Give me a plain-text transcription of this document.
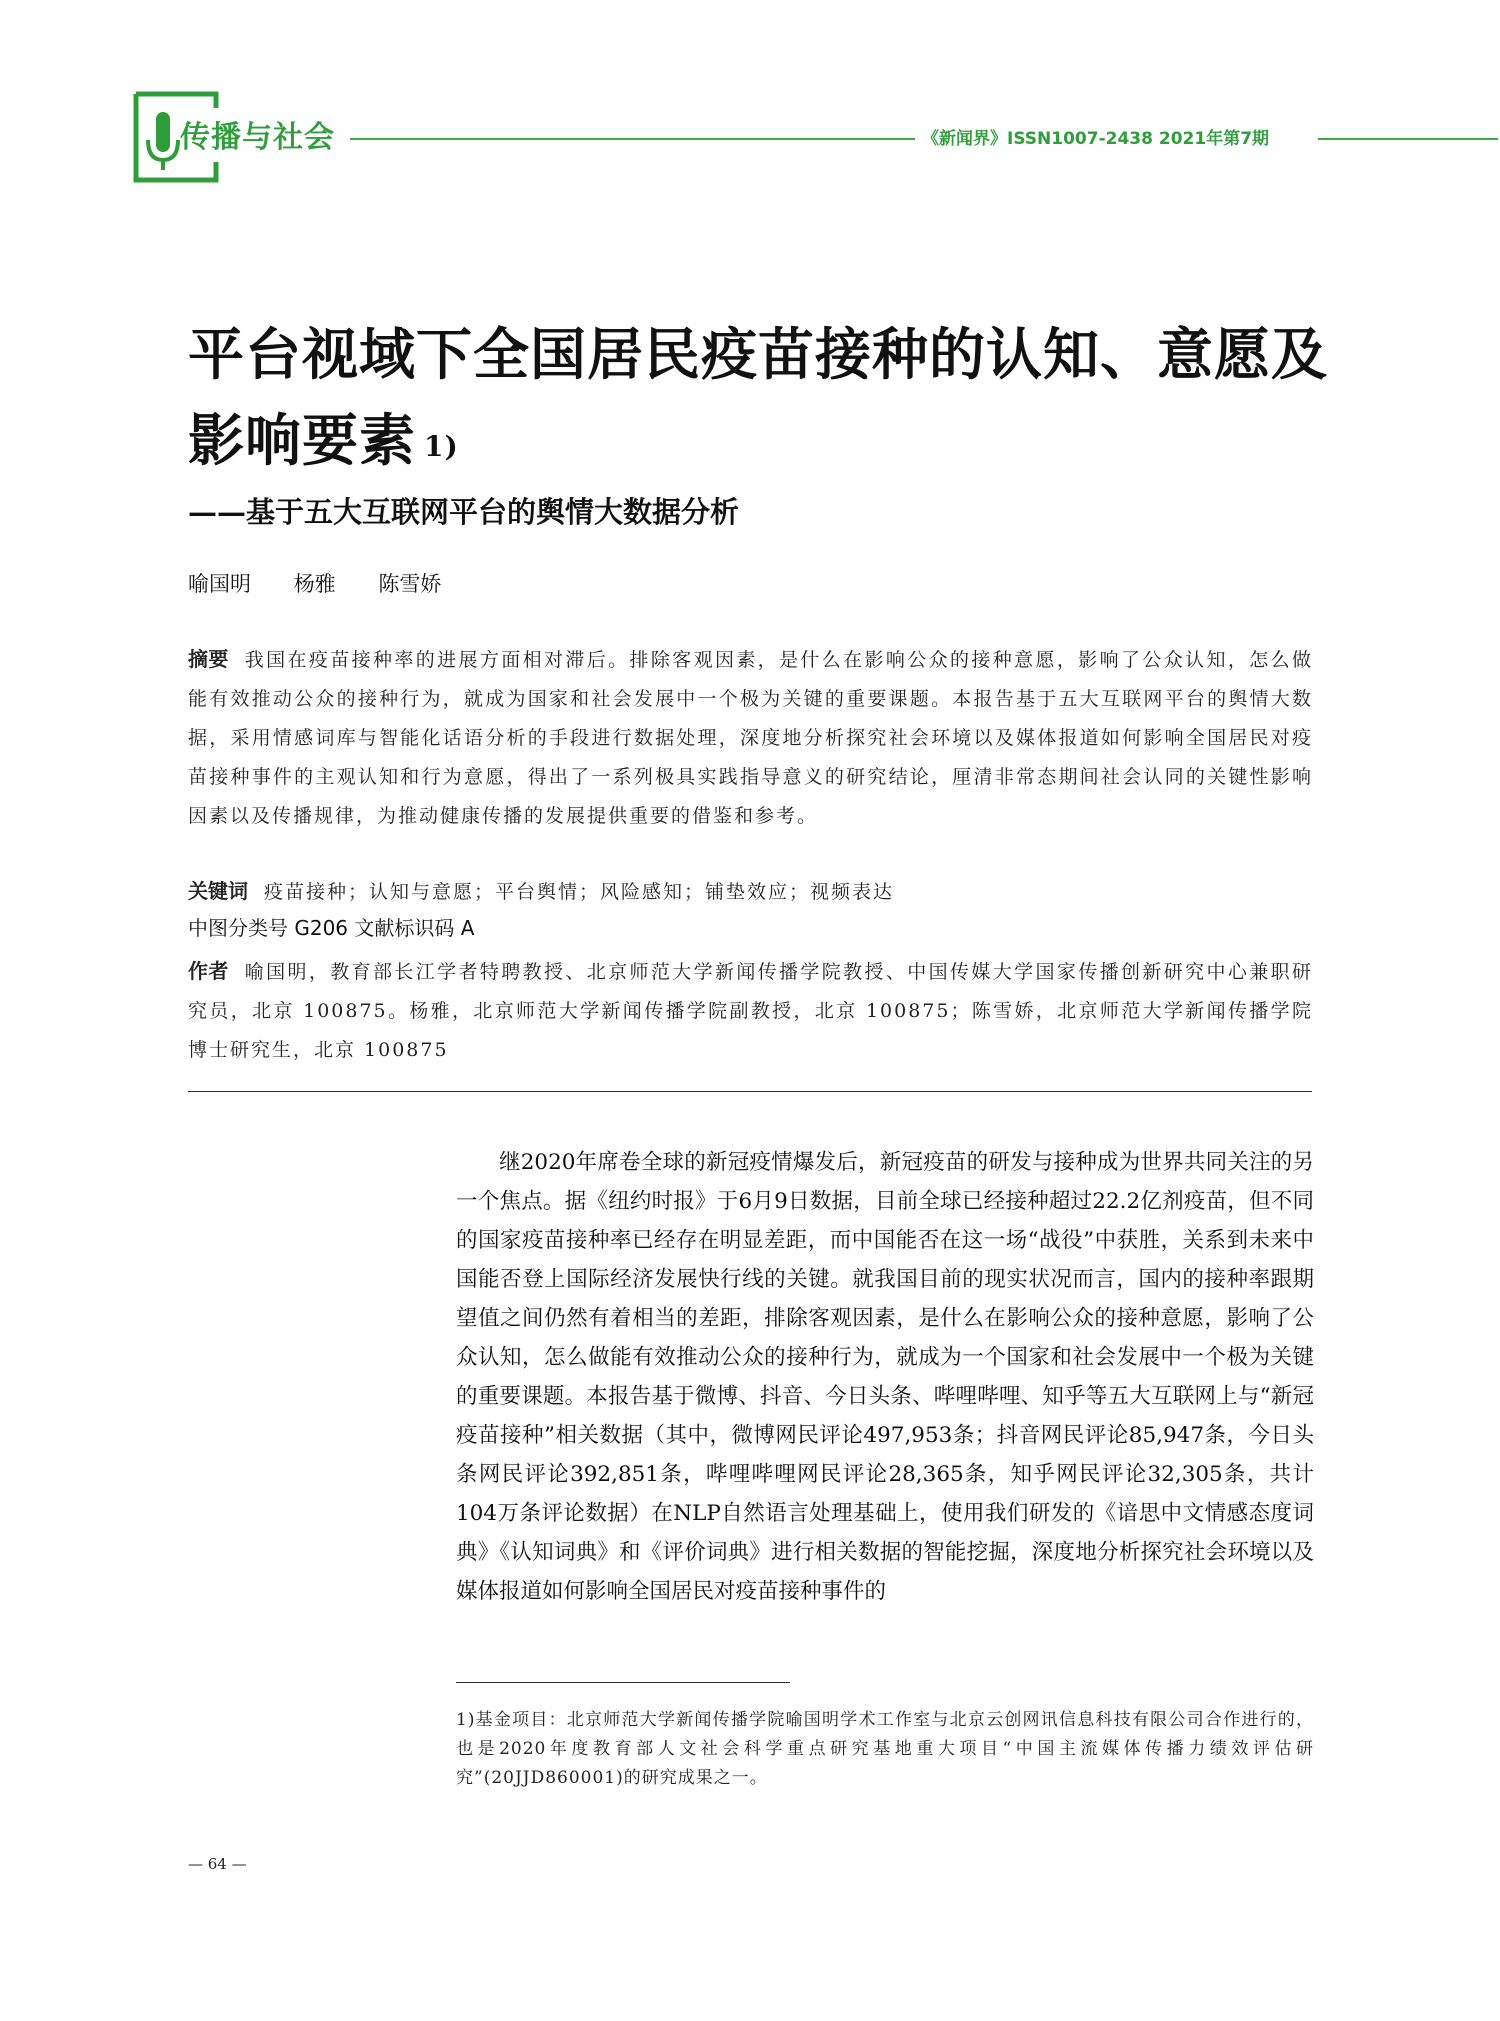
传播与社会	《新闻界》ISSN1007-2438 2021年第7期
平台视域下全国居民疫苗接种的认知、意愿及影响要素 $^{1)}$
——基于五大互联网平台的舆情大数据分析
喻国明 杨雅 陈雪娇
摘要 我国在疫苗接种率的进展方面相对滞后。排除客观因素，是什么在影响公众的接种意愿，影响了公众认知，怎么做能有效推动公众的接种行为，就成为国家和社会发展中一个极为关键的重要课题。本报告基于五大互联网平台的舆情大数据，采用情感词库与智能化话语分析的手段进行数据处理，深度地分析探究社会环境以及媒体报道如何影响全国居民对疫苗接种事件的主观认知和行为意愿，得出了一系列极具实践指导意义的研究结论，厘清非常态期间社会认同的关键性影响因素以及传播规律，为推动健康传播的发展提供重要的借鉴和参考。
关键词 疫苗接种；认知与意愿；平台舆情；风险感知；铺垫效应；视频表达
中图分类号 G206 文献标识码 A
作者 喻国明，教育部长江学者特聘教授、北京师范大学新闻传播学院教授、中国传媒大学国家传播创新研究中心兼职研究员，北京 100875。杨雅，北京师范大学新闻传播学院副教授，北京 100875；陈雪娇，北京师范大学新闻传播学院博士研究生，北京 100875

继2020年席卷全球的新冠疫情爆发后，新冠疫苗的研发与接种成为世界共同关注的另一个焦点。据《纽约时报》于6月9日数据，目前全球已经接种超过22.2亿剂疫苗，但不同的国家疫苗接种率已经存在明显差距，而中国能否在这一场“战役”中获胜，关系到未来中国能否登上国际经济发展快行线的关键。就我国目前的现实状况而言，国内的接种率跟期望值之间仍然有着相当的差距，排除客观因素，是什么在影响公众的接种意愿，影响了公众认知，怎么做能有效推动公众的接种行为，就成为一个国家和社会发展中一个极为关键的重要课题。本报告基于微博、抖音、今日头条、哔哩哔哩、知乎等五大互联网上与“新冠疫苗接种”相关数据（其中，微博网民评论497,953条；抖音网民评论85,947条，今日头条网民评论392,851条，哔哩哔哩网民评论28,365条，知乎网民评论32,305条，共计104万条评论数据）在NLP自然语言处理基础上，使用我们研发的《谙思中文情感态度词典》《认知词典》和《评价词典》进行相关数据的智能挖掘，深度地分析探究社会环境以及媒体报道如何影响全国居民对疫苗接种事件的

1)基金项目：北京师范大学新闻传播学院喻国明学术工作室与北京云创网讯信息科技有限公司合作进行的，也是2020年度教育部人文社会科学重点研究基地重大项目“中国主流媒体传播力绩效评估研究”(20JJD860001)的研究成果之一。

— 64 —
